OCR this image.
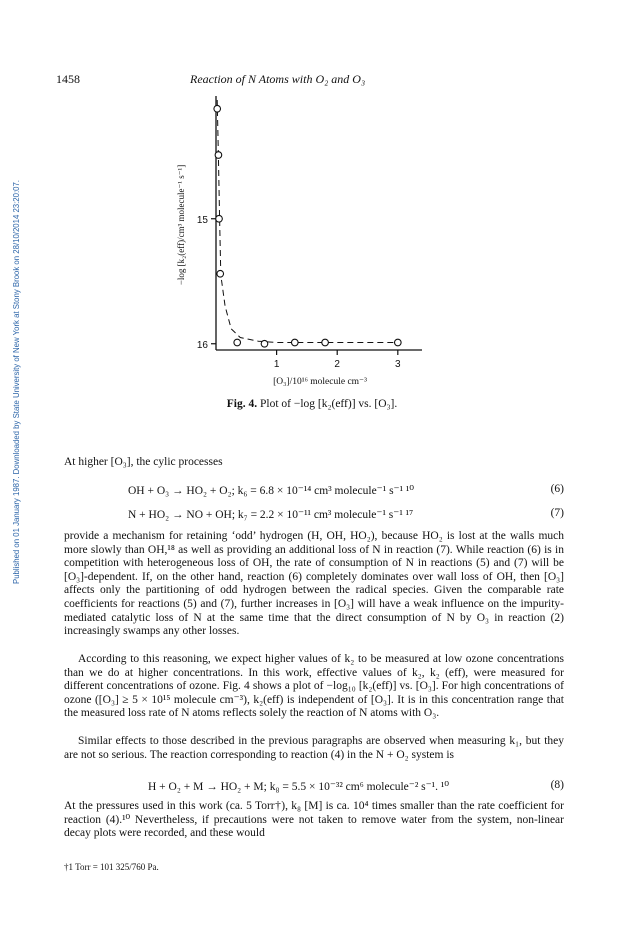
Published on 01 January 1987. Downloaded by State University of New York at Stony Brook on 28/10/2014 23:20:07.
1458	Reaction of N Atoms with O₂ and O₃
15
16
1	2	3
−log [k₂(eff)/cm³ molecule⁻¹ s⁻¹]
[O₃]/10¹⁶ molecule cm⁻³
Fig. 4. Plot of −log [k₂(eff)] vs. [O₃].
At higher [O₃], the cylic processes
OH + O₃ → HO₂ + O₂; k₆ = 6.8 × 10⁻¹⁴ cm³ molecule⁻¹ s⁻¹ ¹⁰	(6)
N + HO₂ → NO + OH; k₇ = 2.2 × 10⁻¹¹ cm³ molecule⁻¹ s⁻¹ ¹⁷	(7)
provide a mechanism for retaining ‘odd’ hydrogen (H, OH, HO₂), because HO₂ is lost at the walls much more slowly than OH,¹⁸ as well as providing an additional loss of N in reaction (7). While reaction (6) is in competition with heterogeneous loss of OH, the rate of consumption of N in reactions (5) and (7) will be [O₃]-dependent. If, on the other hand, reaction (6) completely dominates over wall loss of OH, then [O₃] affects only the partitioning of odd hydrogen between the radical species. Given the comparable rate coefficients for reactions (5) and (7), further increases in [O₃] will have a weak influence on the impurity-mediated catalytic loss of N at the same time that the direct consumption of N by O₃ in reaction (2) increasingly swamps any other losses.
According to this reasoning, we expect higher values of k₂ to be measured at low ozone concentrations than we do at higher concentrations. In this work, effective values of k₂, k₂ (eff), were measured for different concentrations of ozone. Fig. 4 shows a plot of −log₁₀ [k₂(eff)] vs. [O₃]. For high concentrations of ozone ([O₃] ≥ 5 × 10¹⁵ molecule cm⁻³), k₂(eff) is independent of [O₃]. It is in this concentration range that the measured loss rate of N atoms reflects solely the reaction of N atoms with O₃.
Similar effects to those described in the previous paragraphs are observed when measuring k₁, but they are not so serious. The reaction corresponding to reaction (4) in the N + O₂ system is
H + O₂ + M → HO₂ + M; k₈ = 5.5 × 10⁻³² cm⁶ molecule⁻² s⁻¹. ¹⁰	(8)
At the pressures used in this work (ca. 5 Torr†), k₈ [M] is ca. 10⁴ times smaller than the rate coefficient for reaction (4).¹⁰ Nevertheless, if precautions were not taken to remove water from the system, non-linear decay plots were recorded, and these would
†1 Torr = 101 325/760 Pa.
